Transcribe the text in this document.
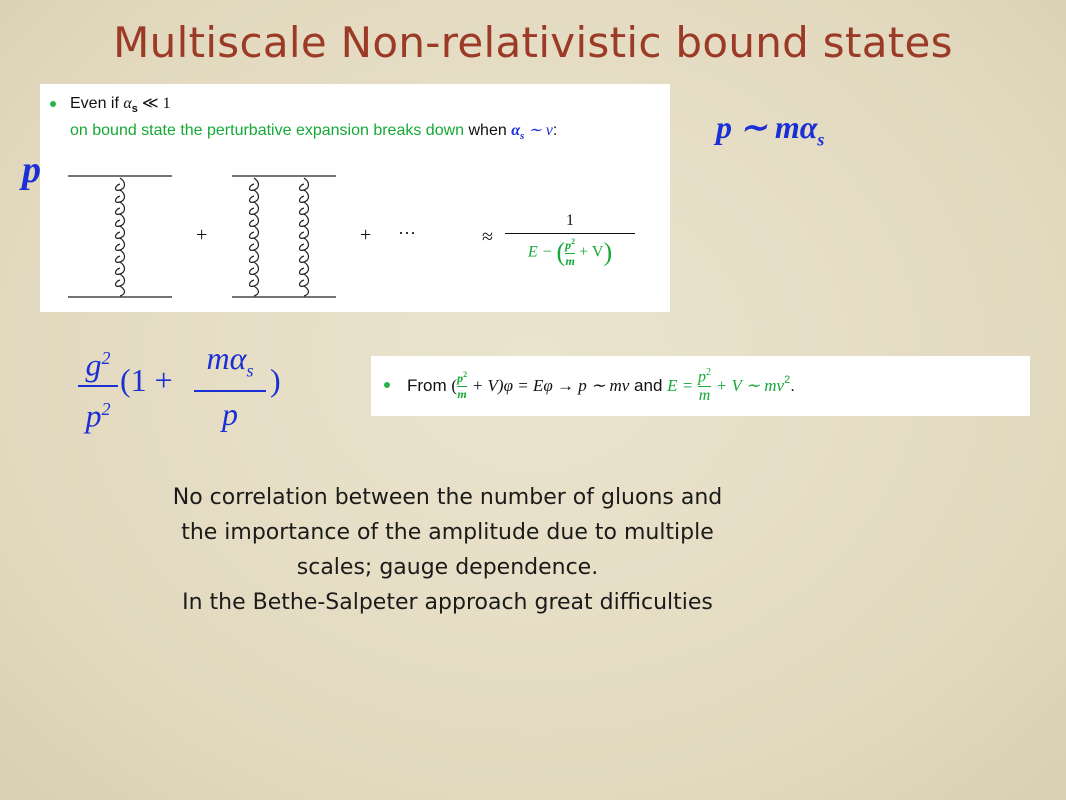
Multiscale Non-relativistic bound states
Even if $\alpha_s$ ≪ 1
on bound state the perturbative expansion breaks down when $\alpha_s$ ∼ v:
+	+ ···	≈
1
E − ( $\frac{p^2}{m} + V$)
p
p ∼ $m\alpha_s$
$g^2$
$p^2$
(1 +
$m\alpha_s$
p
)	From
( $p^2$
m
+ V)φ = Eφ → p ∼ mv
and
E =
$\frac{p^2}{m}$
+ V ∼ $mv^2$ .
No correlation between the number of gluons and
the importance of the amplitude due to multiple
scales; gauge dependence.
In the Bethe-Salpeter approach great difficulties
